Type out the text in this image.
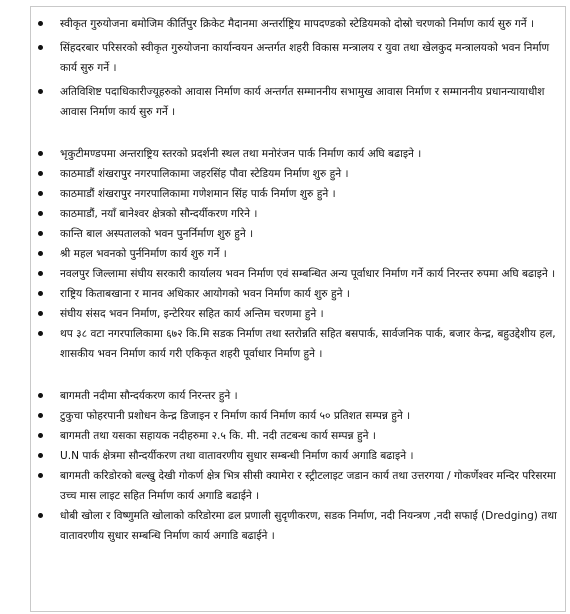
स्वीकृत गुरुयोजना बमोजिम कीर्तिपुर क्रिकेट मैदानमा अन्तर्राष्ट्रिय मापदण्डको स्टेडियमको दोस्रो चरणको निर्माण कार्य सुरु गर्ने ।
सिंहदरबार परिसरको स्वीकृत गुरुयोजना कार्यान्वयन अन्तर्गत शहरी विकास मन्त्रालय र युवा तथा खेलकुद मन्त्रालयको भवन निर्माण कार्य सुरु गर्ने ।
अतिविशिष्ट पदाधिकारीज्यूहरुको आवास निर्माण कार्य अन्तर्गत सम्माननीय सभामुख आवास निर्माण र सम्माननीय प्रधानन्यायाधीश आवास निर्माण कार्य सुरु गर्ने ।
भृकुटीमण्डपमा अन्तराष्ट्रिय स्तरको प्रदर्शनी स्थल तथा मनोरंजन पार्क निर्माण कार्य अघि बढाइने ।
काठमाडौं शंखरापुर नगरपालिकामा जहरसिंह पौवा स्टेडियम निर्माण शुरु हुने ।
काठमाडौं शंखरापुर नगरपालिकामा गणेशमान सिंह पार्क निर्माण शुरु हुने ।
काठमाडौं, नयाँ बानेश्वर क्षेत्रको सौन्दर्यीकरण गरिने ।
कान्ति बाल अस्पतालको भवन पुनर्निर्माण शुरु हुने ।
श्री महल भवनको पुर्ननिर्माण कार्य शुरु गर्ने ।
नवलपुर जिल्लामा संघीय सरकारी कार्यालय भवन निर्माण एवं सम्बन्धित अन्य पूर्वाधार निर्माण गर्ने कार्य निरन्तर रुपमा अघि बढाइने ।
राष्ट्रिय किताबखाना र मानव अधिकार आयोगको भवन निर्माण कार्य शुरु हुने ।
संघीय संसद भवन निर्माण, इन्टेरियर सहित कार्य अन्तिम चरणमा हुने ।
थप ३८ वटा नगरपालिकामा ६७२ कि.मि सडक निर्माण तथा स्तरोन्नति सहित बसपार्क, सार्वजनिक पार्क, बजार केन्द्र, बहुउद्देशीय हल, शासकीय भवन निर्माण कार्य गरी एकिकृत शहरी पूर्वाधार निर्माण हुने ।
बागमती नदीमा सौन्दर्यकरण कार्य निरन्तर हुने ।
टुकुचा फोहरपानी प्रशोधन केन्द्र डिजाइन र निर्माण कार्य निर्माण कार्य ५० प्रतिशत सम्पन्न हुने ।
बागमती तथा यसका सहायक नदीहरुमा २.५ कि. मी. नदी तटबन्ध कार्य सम्पन्न हुने ।
U.N पार्क क्षेत्रमा सौन्दर्यीकरण तथा वातावरणीय सुधार सम्बन्धी निर्माण कार्य अगाडि बढाइने ।
बागमती करिडोरको बल्खु देखी गोकर्ण क्षेत्र भित्र सीसी क्यामेरा र स्ट्रीटलाइट जडान कार्य तथा उत्तरगया / गोकर्णेश्वर मन्दिर परिसरमा उच्च मास लाइट सहित निर्माण कार्य अगाडि बढाईने ।
धोबी खोला र विष्णुमति खोलाको करिडोरमा ढल प्रणाली सुदृणीकरण, सडक निर्माण, नदी नियन्त्रण ,नदी सफाई (Dredging) तथा वातावरणीय सुधार सम्बन्धि निर्माण कार्य अगाडि बढाईने ।
